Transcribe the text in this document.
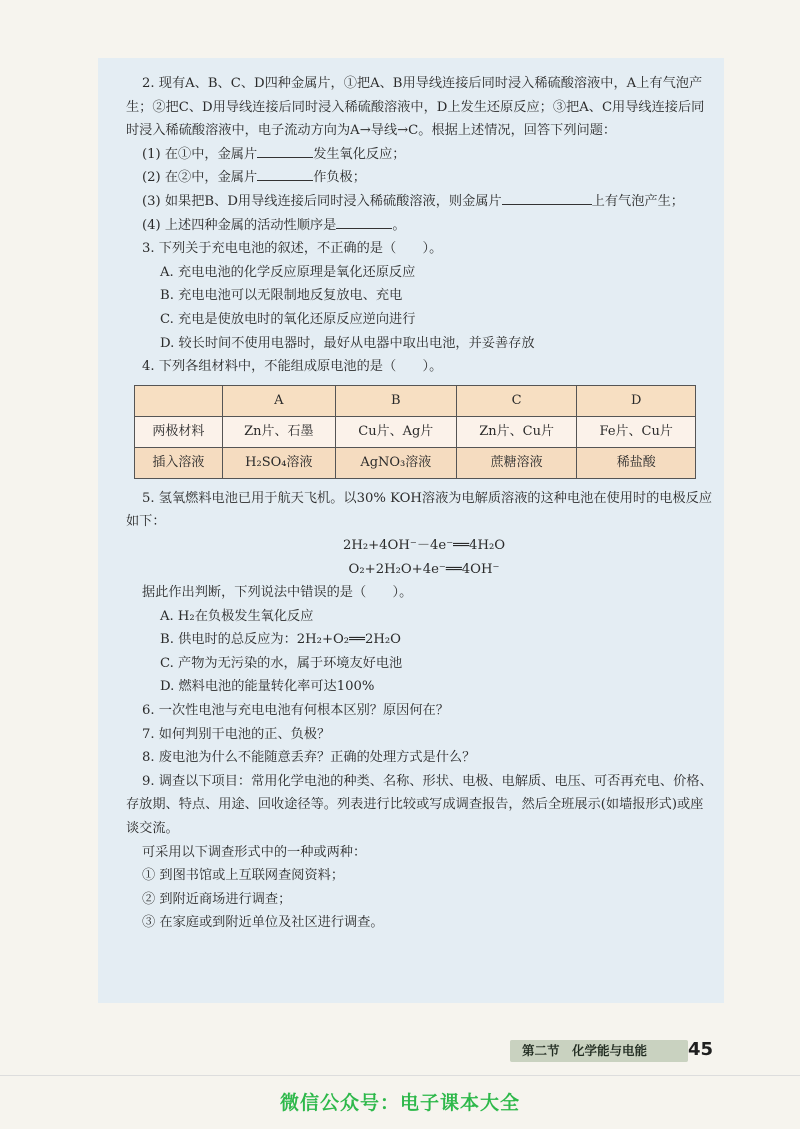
2. 现有A、B、C、D四种金属片，①把A、B用导线连接后同时浸入稀硫酸溶液中，A上有气泡产生；②把C、D用导线连接后同时浸入稀硫酸溶液中，D上发生还原反应；③把A、C用导线连接后同时浸入稀硫酸溶液中，电子流动方向为A→导线→C。根据上述情况，回答下列问题：

(1) 在①中，金属片	发生氧化反应；

(2) 在②中，金属片	作负极；

(3) 如果把B、D用导线连接后同时浸入稀硫酸溶液，则金属片	上有气泡产生；

(4) 上述四种金属的活动性顺序是	。

3. 下列关于充电电池的叙述，不正确的是（　　）。

A. 充电电池的化学反应原理是氧化还原反应

B. 充电电池可以无限制地反复放电、充电

C. 充电是使放电时的氧化还原反应逆向进行

D. 较长时间不使用电器时，最好从电器中取出电池，并妥善存放

4. 下列各组材料中，不能组成原电池的是（　　）。

	A	B	C	D
两极材料	Zn片、石墨	Cu片、Ag片	Zn片、Cu片	Fe片、Cu片
插入溶液	H₂SO₄溶液	AgNO₃溶液	蔗糖溶液	稀盐酸

5. 氢氧燃料电池已用于航天飞机。以30% KOH溶液为电解质溶液的这种电池在使用时的电极反应如下：

2H₂+4OH⁻－4e⁻══4H₂O

O₂+2H₂O+4e⁻══4OH⁻

据此作出判断，下列说法中错误的是（　　）。

A. H₂在负极发生氧化反应

B. 供电时的总反应为：2H₂+O₂══2H₂O

C. 产物为无污染的水，属于环境友好电池

D. 燃料电池的能量转化率可达100%

6. 一次性电池与充电电池有何根本区别？原因何在？

7. 如何判别干电池的正、负极？

8. 废电池为什么不能随意丢弃？正确的处理方式是什么？

9. 调查以下项目：常用化学电池的种类、名称、形状、电极、电解质、电压、可否再充电、价格、存放期、特点、用途、回收途径等。列表进行比较或写成调查报告，然后全班展示(如墙报形式)或座谈交流。

可采用以下调查形式中的一种或两种：

① 到图书馆或上互联网查阅资料；

② 到附近商场进行调查；

③ 在家庭或到附近单位及社区进行调查。

第二节　化学能与电能 45
微信公众号：电子课本大全
